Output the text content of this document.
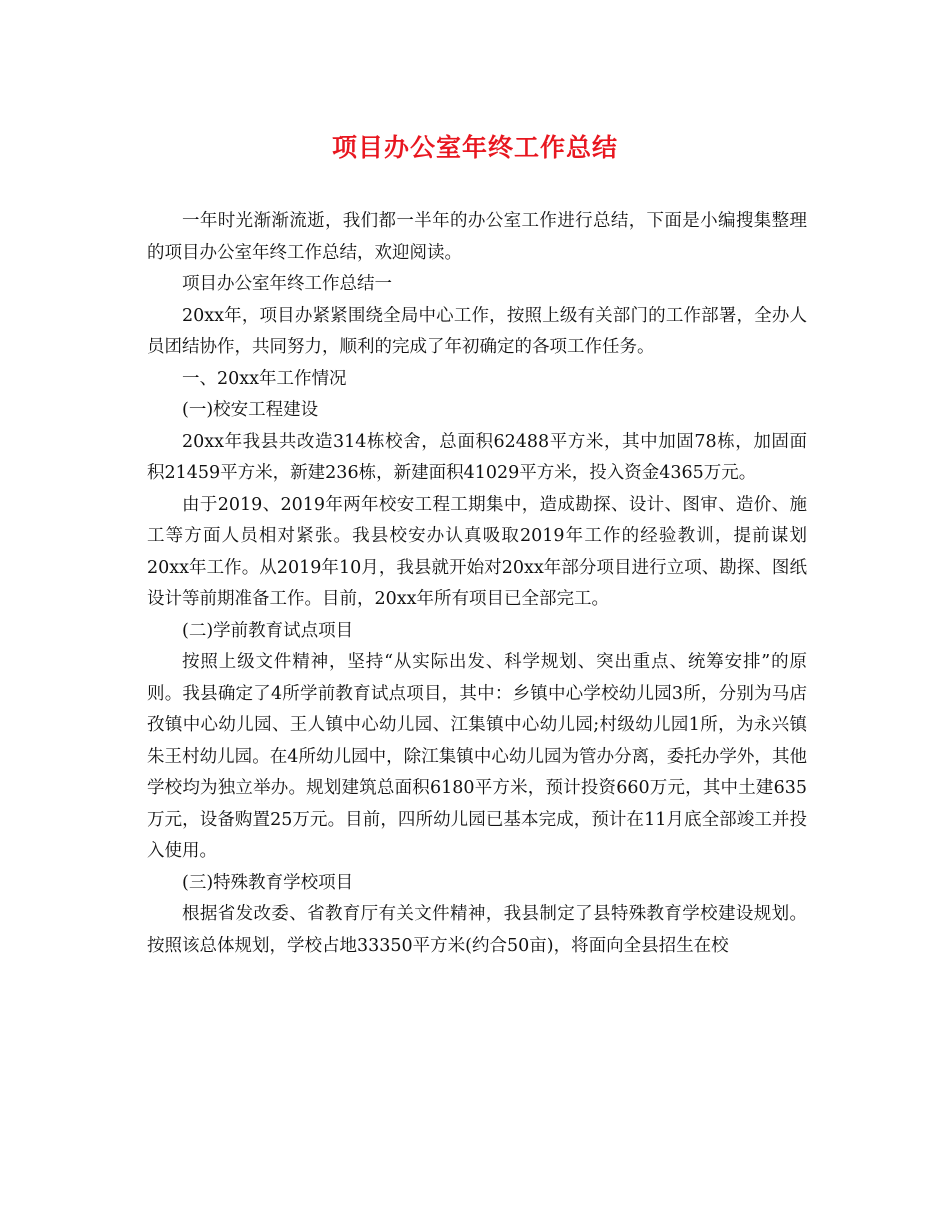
项目办公室年终工作总结

一年时光渐渐流逝，我们都一半年的办公室工作进行总结，下面是小编搜集整理的项目办公室年终工作总结，欢迎阅读。

项目办公室年终工作总结一

20xx年，项目办紧紧围绕全局中心工作，按照上级有关部门的工作部署，全办人员团结协作，共同努力，顺利的完成了年初确定的各项工作任务。

一、20xx年工作情况

(一)校安工程建设

20xx年我县共改造314栋校舍，总面积62488平方米，其中加固78栋，加固面积21459平方米，新建236栋，新建面积41029平方米，投入资金4365万元。

由于2019、2019年两年校安工程工期集中，造成勘探、设计、图审、造价、施工等方面人员相对紧张。我县校安办认真吸取2019年工作的经验教训，提前谋划20xx年工作。从2019年10月，我县就开始对20xx年部分项目进行立项、勘探、图纸设计等前期准备工作。目前，20xx年所有项目已全部完工。

(二)学前教育试点项目

按照上级文件精神，坚持“从实际出发、科学规划、突出重点、统筹安排”的原则。我县确定了4所学前教育试点项目，其中：乡镇中心学校幼儿园3所，分别为马店孜镇中心幼儿园、王人镇中心幼儿园、江集镇中心幼儿园;村级幼儿园1所，为永兴镇朱王村幼儿园。在4所幼儿园中，除江集镇中心幼儿园为管办分离，委托办学外，其他学校均为独立举办。规划建筑总面积6180平方米，预计投资660万元，其中土建635万元，设备购置25万元。目前，四所幼儿园已基本完成，预计在11月底全部竣工并投入使用。

(三)特殊教育学校项目

根据省发改委、省教育厅有关文件精神，我县制定了县特殊教育学校建设规划。按照该总体规划，学校占地33350平方米(约合50亩)，将面向全县招生在校
